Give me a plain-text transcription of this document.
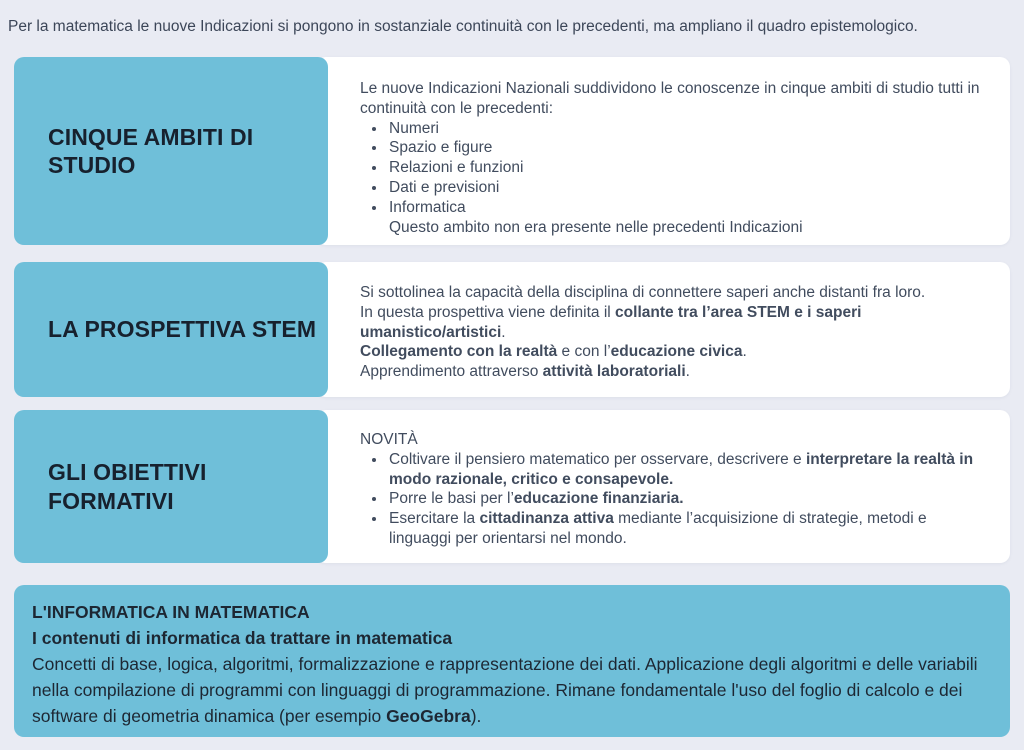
Per la matematica le nuove Indicazioni si pongono in sostanziale continuità con le precedenti, ma ampliano il quadro epistemologico.
CINQUE AMBITI DI STUDIO
Le nuove Indicazioni Nazionali suddividono le conoscenze in cinque ambiti di studio tutti in continuità con le precedenti:
• Numeri
• Spazio e figure
• Relazioni e funzioni
• Dati e previsioni
• Informatica
Questo ambito non era presente nelle precedenti Indicazioni
LA PROSPETTIVA STEM
Si sottolinea la capacità della disciplina di connettere saperi anche distanti fra loro.
In questa prospettiva viene definita il collante tra l’area STEM e i saperi umanistico/artistici.
Collegamento con la realtà e con l’educazione civica.
Apprendimento attraverso attività laboratoriali.
GLI OBIETTIVI FORMATIVI
NOVITÀ
• Coltivare il pensiero matematico per osservare, descrivere e interpretare la realtà in modo razionale, critico e consapevole.
• Porre le basi per l’educazione finanziaria.
• Esercitare la cittadinanza attiva mediante l’acquisizione di strategie, metodi e linguaggi per orientarsi nel mondo.
L'INFORMATICA IN MATEMATICA
I contenuti di informatica da trattare in matematica
Concetti di base, logica, algoritmi, formalizzazione e rappresentazione dei dati. Applicazione degli algoritmi e delle variabili nella compilazione di programmi con linguaggi di programmazione. Rimane fondamentale l'uso del foglio di calcolo e dei software di geometria dinamica (per esempio GeoGebra).
